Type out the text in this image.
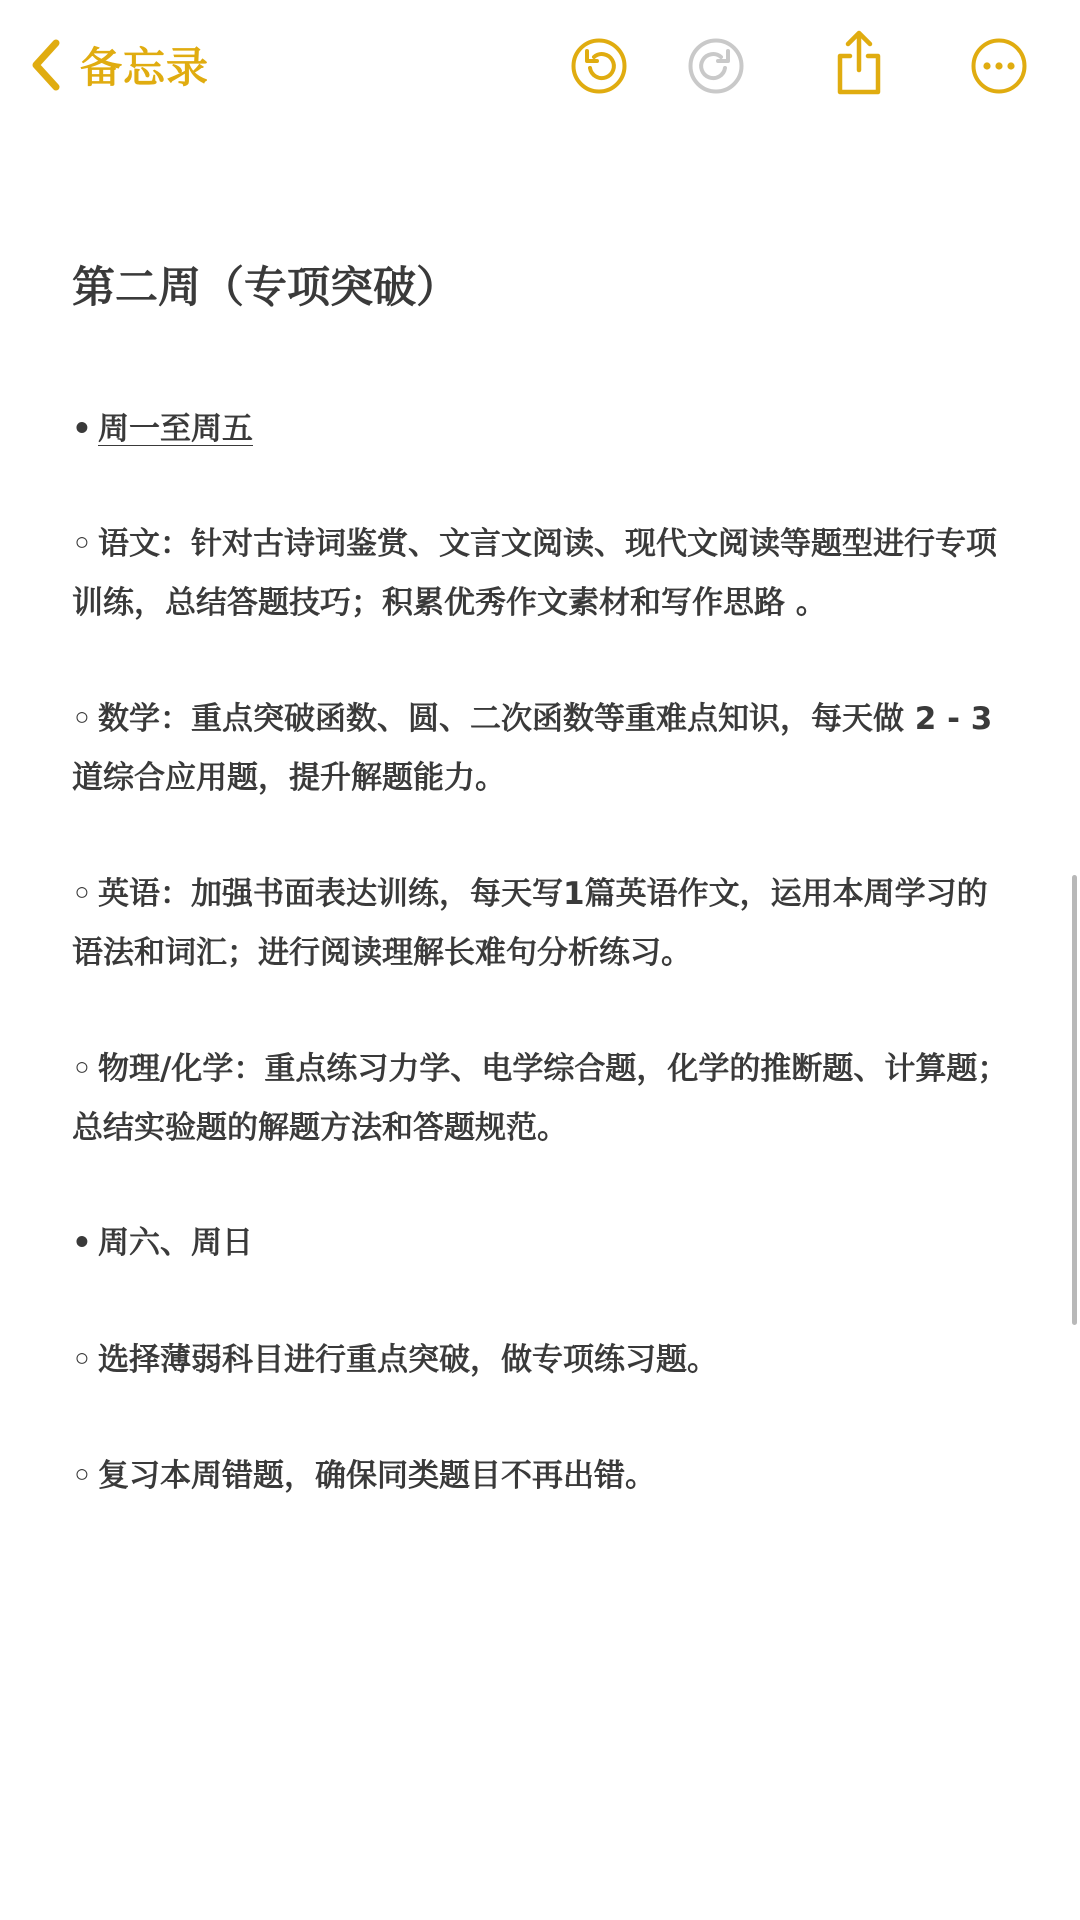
备忘录
第二周（专项突破）
• 周一至周五
◦ 语文：针对古诗词鉴赏、文言文阅读、现代文阅读等题型进行专项训练，总结答题技巧；积累优秀作文素材和写作思路 。
◦ 数学：重点突破函数、圆、二次函数等重难点知识，每天做 2 - 3道综合应用题，提升解题能力。
◦ 英语：加强书面表达训练，每天写1篇英语作文，运用本周学习的语法和词汇；进行阅读理解长难句分析练习。
◦ 物理/化学：重点练习力学、电学综合题，化学的推断题、计算题；总结实验题的解题方法和答题规范。
• 周六、周日
◦ 选择薄弱科目进行重点突破，做专项练习题。
◦ 复习本周错题，确保同类题目不再出错。
